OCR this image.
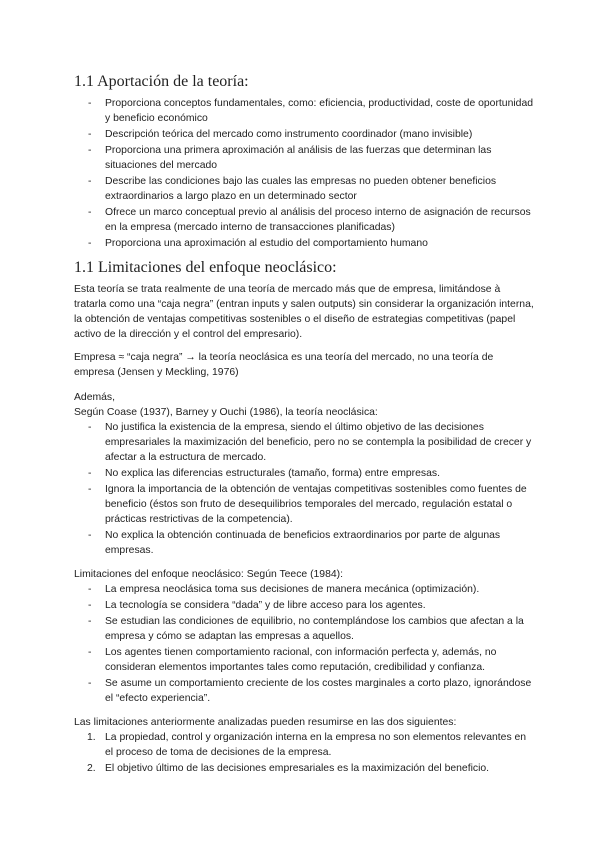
1.1 Aportación de la teoría:
-	Proporciona conceptos fundamentales, como: eficiencia, productividad, coste de oportunidad y beneficio económico
-	Descripción teórica del mercado como instrumento coordinador (mano invisible)
-	Proporciona una primera aproximación al análisis de las fuerzas que determinan las situaciones del mercado
-	Describe las condiciones bajo las cuales las empresas no pueden obtener beneficios extraordinarios a largo plazo en un determinado sector
-	Ofrece un marco conceptual previo al análisis del proceso interno de asignación de recursos en la empresa (mercado interno de transacciones planificadas)
-	Proporciona una aproximación al estudio del comportamiento humano
1.1 Limitaciones del enfoque neoclásico:

Esta teoría se trata realmente de una teoría de mercado más que de empresa, limitándose à tratarla como una “caja negra” (entran inputs y salen outputs) sin considerar la organización interna, la obtención de ventajas competitivas sostenibles o el diseño de estrategias competitivas (papel activo de la dirección y el control del empresario).

Empresa ≈ “caja negra” → la teoría neoclásica es una teoría del mercado, no una teoría de empresa (Jensen y Meckling, 1976)

Además,

Según Coase (1937), Barney y Ouchi (1986), la teoría neoclásica:

-	No justifica la existencia de la empresa, siendo el último objetivo de las decisiones empresariales la maximización del beneficio, pero no se contempla la posibilidad de crecer y afectar a la estructura de mercado.
-	No explica las diferencias estructurales (tamaño, forma) entre empresas.
-	Ignora la importancia de la obtención de ventajas competitivas sostenibles como fuentes de beneficio (éstos son fruto de desequilibrios temporales del mercado, regulación estatal o prácticas restrictivas de la competencia).
-	No explica la obtención continuada de beneficios extraordinarios por parte de algunas empresas.

Limitaciones del enfoque neoclásico: Según Teece (1984):

-	La empresa neoclásica toma sus decisiones de manera mecánica (optimización).
-	La tecnología se considera “dada” y de libre acceso para los agentes.
-	Se estudian las condiciones de equilibrio, no contemplándose los cambios que afectan a la empresa y cómo se adaptan las empresas a aquellos.
-	Los agentes tienen comportamiento racional, con información perfecta y, además, no consideran elementos importantes tales como reputación, credibilidad y confianza.
-	Se asume un comportamiento creciente de los costes marginales a corto plazo, ignorándose el “efecto experiencia”.

Las limitaciones anteriormente analizadas pueden resumirse en las dos siguientes:

1. La propiedad, control y organización interna en la empresa no son elementos relevantes en el proceso de toma de decisiones de la empresa.
2. El objetivo último de las decisiones empresariales es la maximización del beneficio.
